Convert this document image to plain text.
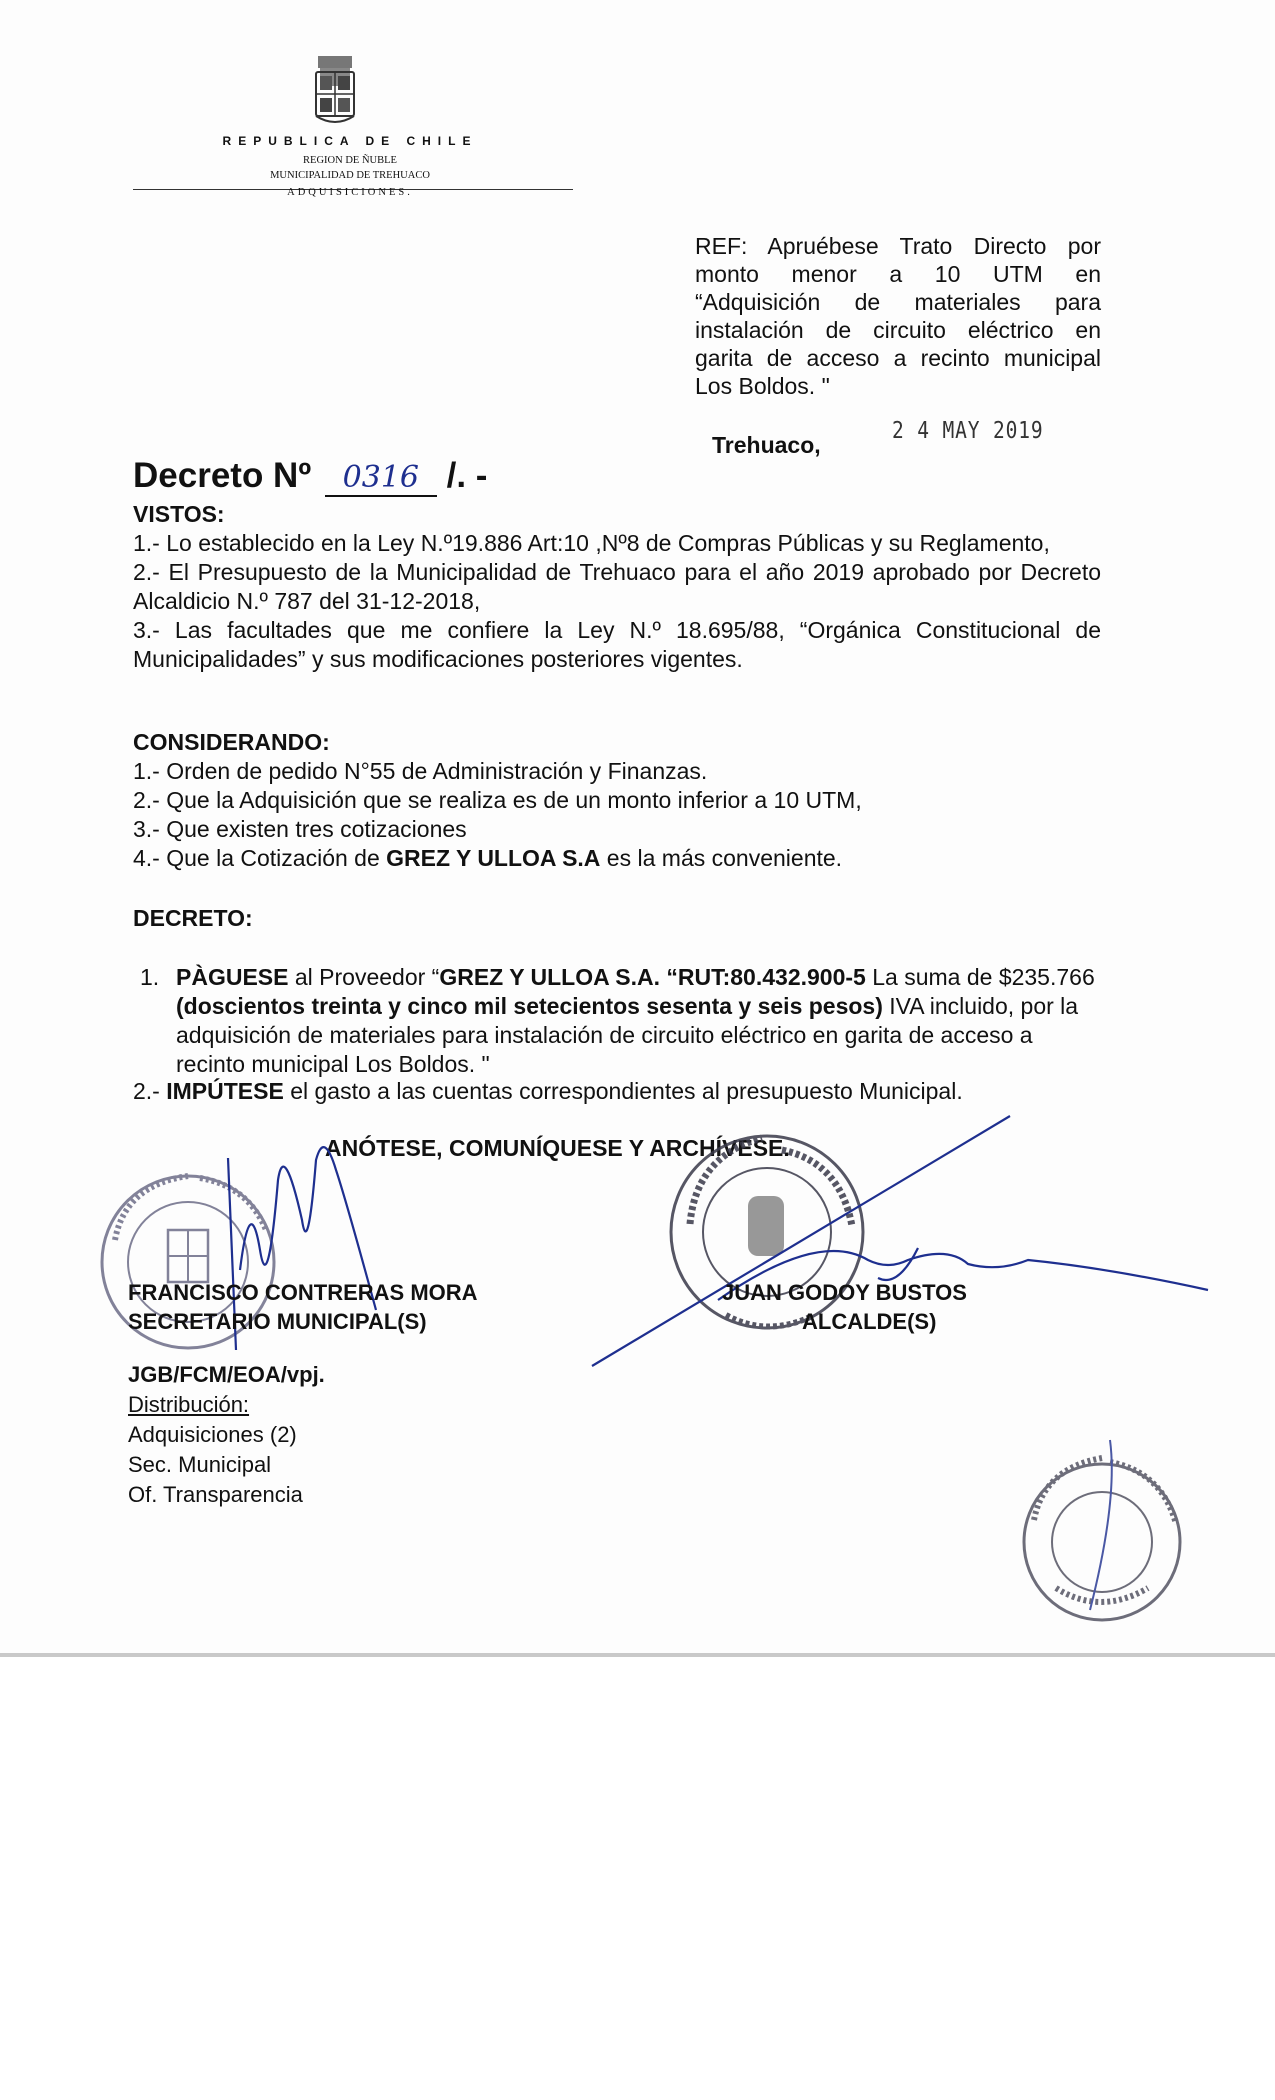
REPUBLICA DE CHILE
REGION DE ÑUBLE
MUNICIPALIDAD DE TREHUACO
ADQUISICIONES.

REF: Apruébese Trato Directo por

monto menor a 10 UTM en

“Adquisición de materiales para

instalación de circuito eléctrico en

garita de acceso a recinto municipal

Los Boldos. "

Trehuaco,
2 4 MAY 2019
Decreto Nº 0316 /. -
VISTOS:

1.- Lo establecido en la Ley N.º19.886 Art:10 ,Nº8 de Compras Públicas y su Reglamento,

2.- El Presupuesto de la Municipalidad de Trehuaco para el año 2019 aprobado por Decreto Alcaldicio N.º 787 del 31-12-2018,

3.- Las facultades que me confiere la Ley N.º 18.695/88, “Orgánica Constitucional de Municipalidades” y sus modificaciones posteriores vigentes.

CONSIDERANDO:
1.- Orden de pedido N°55 de Administración y Finanzas.
2.- Que la Adquisición que se realiza es de un monto inferior a 10 UTM,
3.- Que existen tres cotizaciones
4.- Que la Cotización de GREZ Y ULLOA S.A es la más conveniente.
DECRETO:
1. PÀGUESE al Proveedor “GREZ Y ULLOA S.A. “RUT:80.432.900-5 La suma de $235.766 (doscientos treinta y cinco mil setecientos sesenta y seis pesos) IVA incluido, por la adquisición de materiales para instalación de circuito eléctrico en garita de acceso a recinto municipal Los Boldos. "
2.- IMPÚTESE el gasto a las cuentas correspondientes al presupuesto Municipal.
ANÓTESE, COMUNÍQUESE Y ARCHÍVESE.
FRANCISCO CONTRERAS MORA
SECRETARIO MUNICIPAL(S)
JUAN GODOY BUSTOS
ALCALDE(S)
JGB/FCM/EOA/vpj.
Distribución:
Adquisiciones (2)
Sec. Municipal
Of. Transparencia
